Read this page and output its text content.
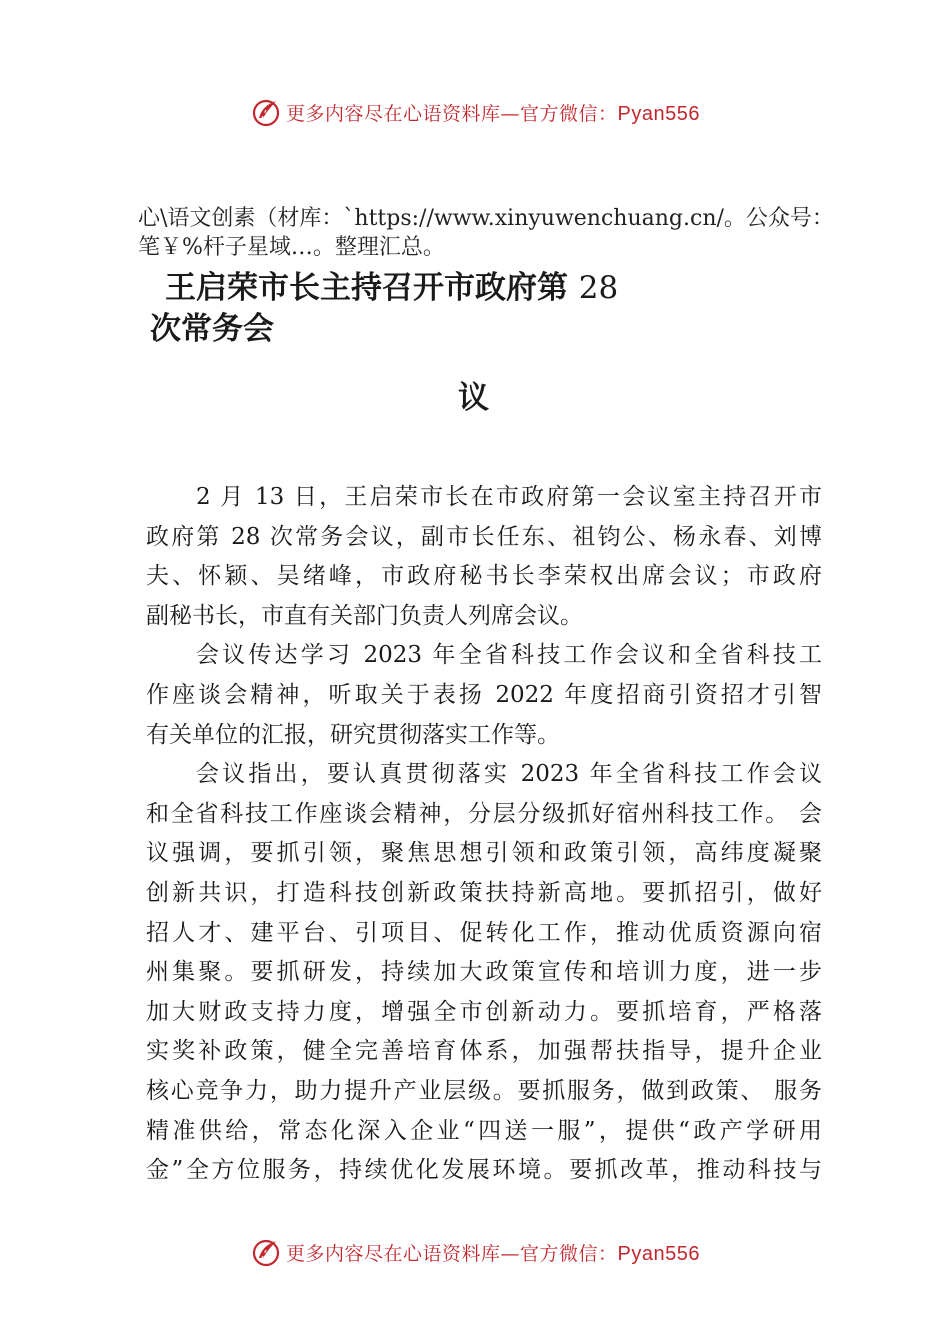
更多内容尽在心语资料库—官方微信：Pyan556
心\语文创素（材库：`https://www.xinyuwenchuang.cn/。公众号：笔￥%杆子星域…。整理汇总。
王启荣市长主持召开市政府第 28
次常务会
议
2 月 13 日，王启荣市长在市政府第一会议室主持召开市
政府第 28 次常务会议，副市长任东、祖钧公、杨永春、刘博
夫、怀颖、吴绪峰，市政府秘书长李荣权出席会议；市政府
副秘书长，市直有关部门负责人列席会议。
会议传达学习 2023 年全省科技工作会议和全省科技工
作座谈会精神，听取关于表扬 2022 年度招商引资招才引智
有关单位的汇报，研究贯彻落实工作等。
会议指出，要认真贯彻落实 2023 年全省科技工作会议
和全省科技工作座谈会精神，分层分级抓好宿州科技工作。 会
议强调，要抓引领，聚焦思想引领和政策引领，高纬度凝聚
创新共识，打造科技创新政策扶持新高地。要抓招引，做好
招人才、建平台、引项目、促转化工作，推动优质资源向宿
州集聚。要抓研发，持续加大政策宣传和培训力度，进一步
加大财政支持力度，增强全市创新动力。要抓培育，严格落
实奖补政策，健全完善培育体系，加强帮扶指导，提升企业
核心竞争力，助力提升产业层级。要抓服务，做到政策、 服务
精准供给，常态化深入企业“四送一服”，提供“政产学研用
金”全方位服务，持续优化发展环境。要抓改革，推动科技与
更多内容尽在心语资料库—官方微信：Pyan556
